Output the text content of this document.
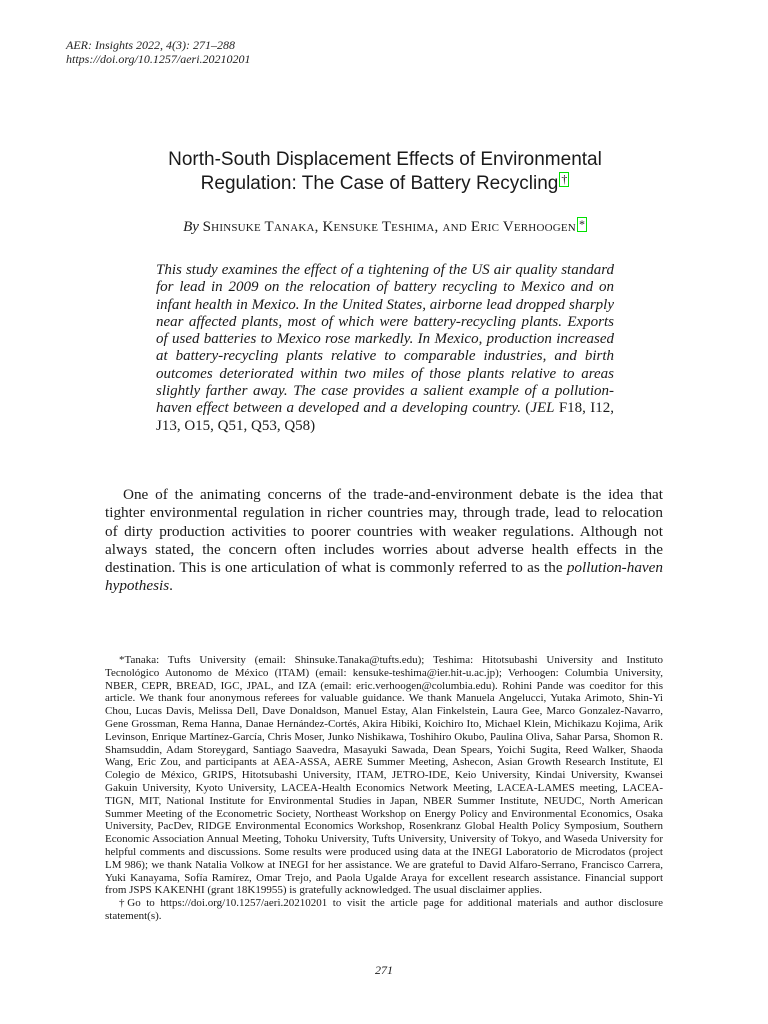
AER: Insights 2022, 4(3): 271–288
https://doi.org/10.1257/aeri.20210201
North-South Displacement Effects of Environmental
Regulation: The Case of Battery Recycling †
By Shinsuke Tanaka, Kensuke Teshima, and Eric Verhoogen *
This study examines the effect of a tightening of the US air quality standard for lead in 2009 on the relocation of battery recycling to Mexico and on infant health in Mexico. In the United States, airborne lead dropped sharply near affected plants, most of which were battery-recycling plants. Exports of used batteries to Mexico rose markedly. In Mexico, production increased at battery-recycling plants relative to comparable industries, and birth outcomes deteriorated within two miles of those plants relative to areas slightly farther away. The case provides a salient example of a pollution-haven effect between a developed and a developing country. (JEL F18, I12, J13, O15, Q51, Q53, Q58)
One of the animating concerns of the trade-and-environment debate is the idea that tighter environmental regulation in richer countries may, through trade, lead to relocation of dirty production activities to poorer countries with weaker regulations. Although not always stated, the concern often includes worries about adverse health effects in the destination. This is one articulation of what is commonly referred to as the pollution-haven hypothesis.

*Tanaka: Tufts University (email: Shinsuke.Tanaka@tufts.edu); Teshima: Hitotsubashi University and Instituto Tecnológico Autonomo de México (ITAM) (email: kensuke-teshima@ier.hit-u.ac.jp); Verhoogen: Columbia University, NBER, CEPR, BREAD, IGC, JPAL, and IZA (email: eric.verhoogen@columbia.edu). Rohini Pande was coeditor for this article. We thank four anonymous referees for valuable guidance. We thank Manuela Angelucci, Yutaka Arimoto, Shin-Yi Chou, Lucas Davis, Melissa Dell, Dave Donaldson, Manuel Estay, Alan Finkelstein, Laura Gee, Marco Gonzalez-Navarro, Gene Grossman, Rema Hanna, Danae Hernández-Cortés, Akira Hibiki, Koichiro Ito, Michael Klein, Michikazu Kojima, Arik Levinson, Enrique Martínez-García, Chris Moser, Junko Nishikawa, Toshihiro Okubo, Paulina Oliva, Sahar Parsa, Shomon R. Shamsuddin, Adam Storeygard, Santiago Saavedra, Masayuki Sawada, Dean Spears, Yoichi Sugita, Reed Walker, Shaoda Wang, Eric Zou, and participants at AEA-ASSA, AERE Summer Meeting, Ashecon, Asian Growth Research Institute, El Colegio de México, GRIPS, Hitotsubashi University, ITAM, JETRO-IDE, Keio University, Kindai University, Kwansei Gakuin University, Kyoto University, LACEA-Health Economics Network Meeting, LACEA-LAMES meeting, LACEA-TIGN, MIT, National Institute for Environmental Studies in Japan, NBER Summer Institute, NEUDC, North American Summer Meeting of the Econometric Society, Northeast Workshop on Energy Policy and Environmental Economics, Osaka University, PacDev, RIDGE Environmental Economics Workshop, Rosenkranz Global Health Policy Symposium, Southern Economic Association Annual Meeting, Tohoku University, Tufts University, University of Tokyo, and Waseda University for helpful comments and discussions. Some results were produced using data at the INEGI Laboratorio de Microdatos (project LM 986); we thank Natalia Volkow at INEGI for her assistance. We are grateful to David Alfaro-Serrano, Francisco Carrera, Yuki Kanayama, Sofía Ramírez, Omar Trejo, and Paola Ugalde Araya for excellent research assistance. Financial support from JSPS KAKENHI (grant 18K19955) is gratefully acknowledged. The usual disclaimer applies.

†Go to https://doi.org/10.1257/aeri.20210201 to visit the article page for additional materials and author disclosure statement(s).

271
